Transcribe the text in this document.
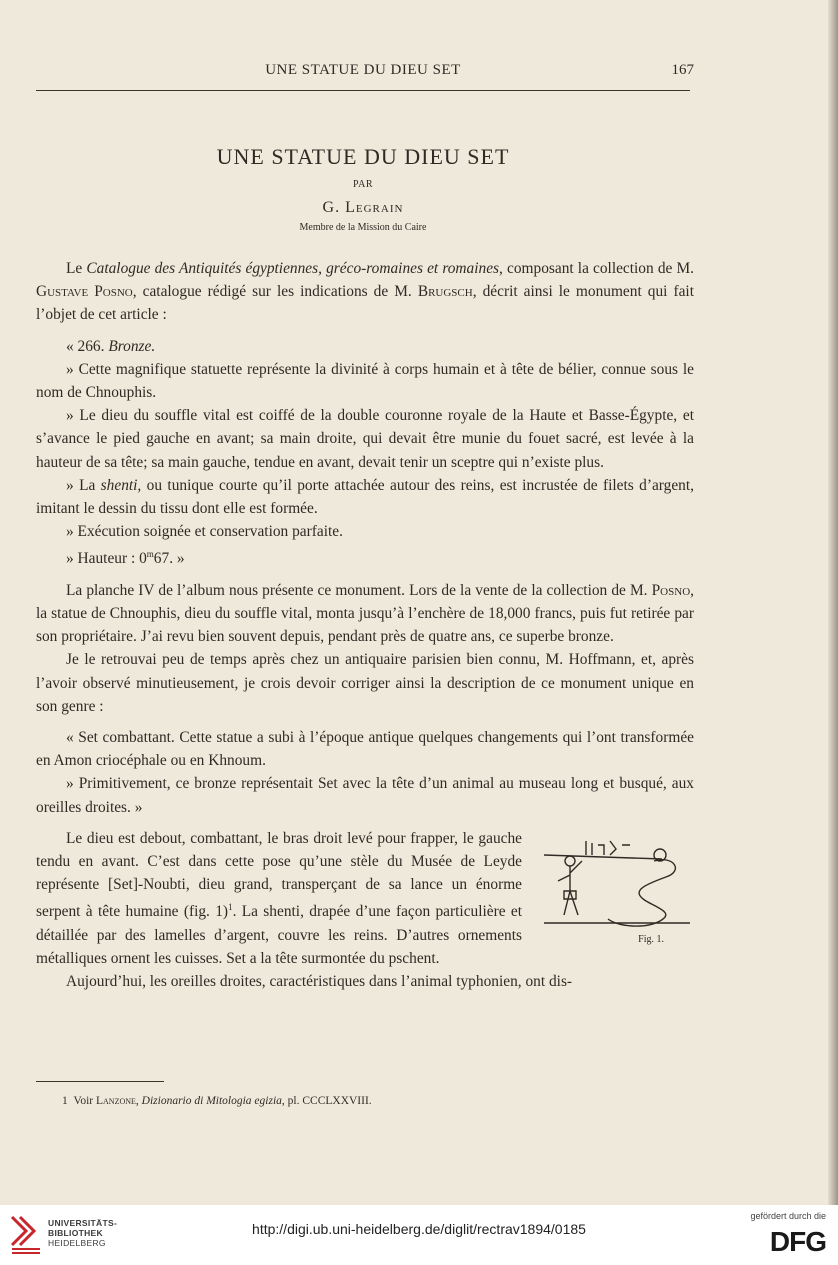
UNE STATUE DU DIEU SET	167
UNE STATUE DU DIEU SET
PAR
G. Legrain
Membre de la Mission du Caire

Le Catalogue des Antiquités égyptiennes, gréco-romaines et romaines, composant la collection de M. Gustave Posno, catalogue rédigé sur les indications de M. Brugsch, décrit ainsi le monument qui fait l’objet de cet article :

« 266. Bronze.

» Cette magnifique statuette représente la divinité à corps humain et à tête de bélier, connue sous le nom de Chnouphis.

» Le dieu du souffle vital est coiffé de la double couronne royale de la Haute et Basse-Égypte, et s’avance le pied gauche en avant; sa main droite, qui devait être munie du fouet sacré, est levée à la hauteur de sa tête; sa main gauche, tendue en avant, devait tenir un sceptre qui n’existe plus.

» La shenti, ou tunique courte qu’il porte attachée autour des reins, est incrustée de filets d’argent, imitant le dessin du tissu dont elle est formée.

» Exécution soignée et conservation parfaite.

» Hauteur : 0$^m$67. »

La planche IV de l’album nous présente ce monument. Lors de la vente de la collection de M. Posno, la statue de Chnouphis, dieu du souffle vital, monta jusqu’à l’enchère de 18,000 francs, puis fut retirée par son propriétaire. J’ai revu bien souvent depuis, pendant près de quatre ans, ce superbe bronze.

Je le retrouvai peu de temps après chez un antiquaire parisien bien connu, M. Hoffmann, et, après l’avoir observé minutieusement, je crois devoir corriger ainsi la description de ce monument unique en son genre :

« Set combattant. Cette statue a subi à l’époque antique quelques changements qui l’ont transformée en Amon criocéphale ou en Khnoum.

» Primitivement, ce bronze représentait Set avec la tête d’un animal au museau long et busqué, aux oreilles droites. »

Fig. 1.
Le dieu est debout, combattant, le bras droit levé pour frapper, le gauche tendu en avant. C’est dans cette pose qu’une stèle du Musée de Leyde représente [Set]-Noubti, dieu grand, transperçant de sa lance un énorme serpent à tête humaine (fig. 1)$^1$. La shenti, drapée d’une façon particulière et détaillée par des lamelles d’argent, couvre les reins. D’autres ornements métalliques ornent les cuisses. Set a la tête surmontée du pschent.

Aujourd’hui, les oreilles droites, caractéristiques dans l’animal typhonien, ont dis-

1 Voir Lanzone, Dizionario di Mitologia egizia, pl. CCCLXXVIII.
UNIVERSITÄTS-
BIBLIOTHEK
HEIDELBERG
http://digi.ub.uni-heidelberg.de/diglit/rectrav1894/0185
gefördert durch die
DFG
